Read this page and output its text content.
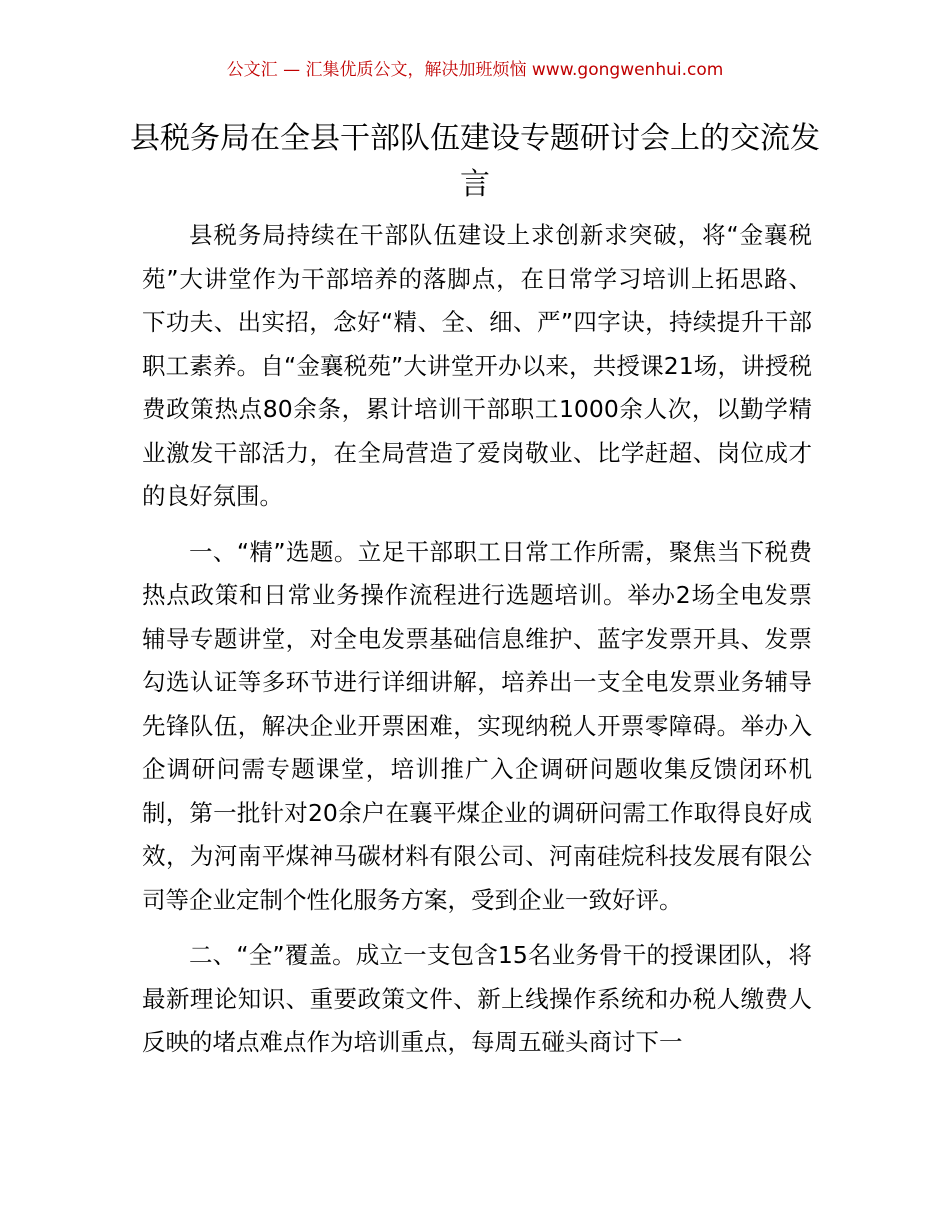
公文汇 — 汇集优质公文，解决加班烦恼 www.gongwenhui.com
县税务局在全县干部队伍建设专题研讨会上的交流发言

县税务局持续在干部队伍建设上求创新求突破，将“金襄税苑”大讲堂作为干部培养的落脚点，在日常学习培训上拓思路、下功夫、出实招，念好“精、全、细、严”四字诀，持续提升干部职工素养。自“金襄税苑”大讲堂开办以来，共授课21场，讲授税费政策热点80余条，累计培训干部职工1000余人次，以勤学精业激发干部活力，在全局营造了爱岗敬业、比学赶超、岗位成才的良好氛围。

一、“精”选题。立足干部职工日常工作所需，聚焦当下税费热点政策和日常业务操作流程进行选题培训。举办2场全电发票辅导专题讲堂，对全电发票基础信息维护、蓝字发票开具、发票勾选认证等多环节进行详细讲解，培养出一支全电发票业务辅导先锋队伍，解决企业开票困难，实现纳税人开票零障碍。举办入企调研问需专题课堂，培训推广入企调研问题收集反馈闭环机制，第一批针对20余户在襄平煤企业的调研问需工作取得良好成效，为河南平煤神马碳材料有限公司、河南硅烷科技发展有限公司等企业定制个性化服务方案，受到企业一致好评。

二、“全”覆盖。成立一支包含15名业务骨干的授课团队，将最新理论知识、重要政策文件、新上线操作系统和办税人缴费人反映的堵点难点作为培训重点，每周五碰头商讨下一
